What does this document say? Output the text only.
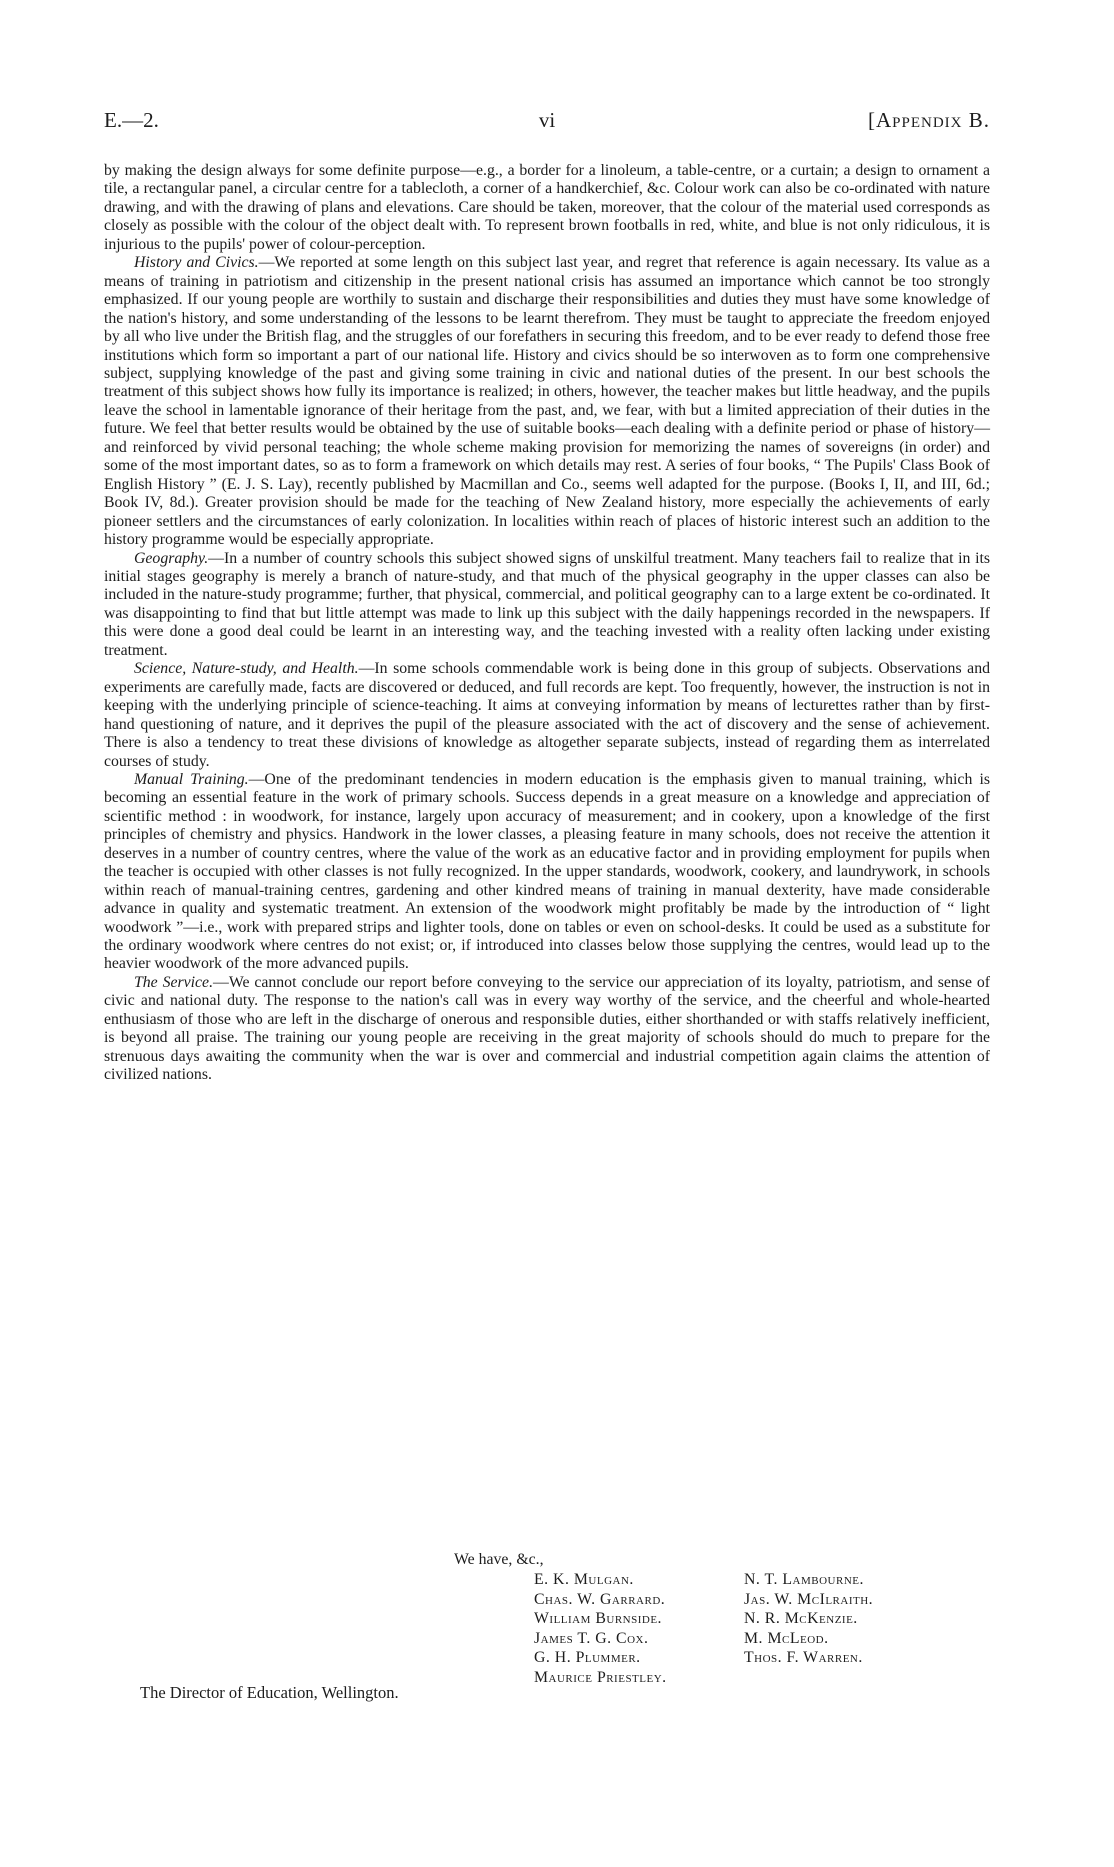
E.—2.	vi	[Appendix B.

by making the design always for some definite purpose—e.g., a border for a linoleum, a table-centre, or a curtain; a design to ornament a tile, a rectangular panel, a circular centre for a tablecloth, a corner of a handkerchief, &c. Colour work can also be co-ordinated with nature drawing, and with the drawing of plans and elevations. Care should be taken, moreover, that the colour of the material used corresponds as closely as possible with the colour of the object dealt with. To represent brown footballs in red, white, and blue is not only ridiculous, it is injurious to the pupils' power of colour-perception.

History and Civics.—We reported at some length on this subject last year, and regret that reference is again necessary. Its value as a means of training in patriotism and citizenship in the present national crisis has assumed an importance which cannot be too strongly emphasized. If our young people are worthily to sustain and discharge their responsibilities and duties they must have some knowledge of the nation's history, and some understanding of the lessons to be learnt therefrom. They must be taught to appreciate the freedom enjoyed by all who live under the British flag, and the struggles of our forefathers in securing this freedom, and to be ever ready to defend those free institutions which form so important a part of our national life. History and civics should be so interwoven as to form one comprehensive subject, supplying knowledge of the past and giving some training in civic and national duties of the present. In our best schools the treatment of this subject shows how fully its importance is realized; in others, however, the teacher makes but little headway, and the pupils leave the school in lamentable ignorance of their heritage from the past, and, we fear, with but a limited appreciation of their duties in the future. We feel that better results would be obtained by the use of suitable books—each dealing with a definite period or phase of history—and reinforced by vivid personal teaching; the whole scheme making provision for memorizing the names of sovereigns (in order) and some of the most important dates, so as to form a framework on which details may rest. A series of four books, “ The Pupils' Class Book of English History ” (E. J. S. Lay), recently published by Macmillan and Co., seems well adapted for the purpose. (Books I, II, and III, 6d.; Book IV, 8d.). Greater provision should be made for the teaching of New Zealand history, more especially the achievements of early pioneer settlers and the circumstances of early colonization. In localities within reach of places of historic interest such an addition to the history programme would be especially appropriate.

Geography.—In a number of country schools this subject showed signs of unskilful treatment. Many teachers fail to realize that in its initial stages geography is merely a branch of nature-study, and that much of the physical geography in the upper classes can also be included in the nature-study programme; further, that physical, commercial, and political geography can to a large extent be co-ordinated. It was disappointing to find that but little attempt was made to link up this subject with the daily happenings recorded in the newspapers. If this were done a good deal could be learnt in an interesting way, and the teaching invested with a reality often lacking under existing treatment.

Science, Nature-study, and Health.—In some schools commendable work is being done in this group of subjects. Observations and experiments are carefully made, facts are discovered or deduced, and full records are kept. Too frequently, however, the instruction is not in keeping with the underlying principle of science-teaching. It aims at conveying information by means of lecturettes rather than by first-hand questioning of nature, and it deprives the pupil of the pleasure associated with the act of discovery and the sense of achievement. There is also a tendency to treat these divisions of knowledge as altogether separate subjects, instead of regarding them as interrelated courses of study.

Manual Training.—One of the predominant tendencies in modern education is the emphasis given to manual training, which is becoming an essential feature in the work of primary schools. Success depends in a great measure on a knowledge and appreciation of scientific method : in woodwork, for instance, largely upon accuracy of measurement; and in cookery, upon a knowledge of the first principles of chemistry and physics. Handwork in the lower classes, a pleasing feature in many schools, does not receive the attention it deserves in a number of country centres, where the value of the work as an educative factor and in providing employment for pupils when the teacher is occupied with other classes is not fully recognized. In the upper standards, woodwork, cookery, and laundrywork, in schools within reach of manual-training centres, gardening and other kindred means of training in manual dexterity, have made considerable advance in quality and systematic treatment. An extension of the woodwork might profitably be made by the introduction of “ light woodwork ”—i.e., work with prepared strips and lighter tools, done on tables or even on school-desks. It could be used as a substitute for the ordinary woodwork where centres do not exist; or, if introduced into classes below those supplying the centres, would lead up to the heavier woodwork of the more advanced pupils.

The Service.—We cannot conclude our report before conveying to the service our appreciation of its loyalty, patriotism, and sense of civic and national duty. The response to the nation's call was in every way worthy of the service, and the cheerful and whole-hearted enthusiasm of those who are left in the discharge of onerous and responsible duties, either shorthanded or with staffs relatively inefficient, is beyond all praise. The training our young people are receiving in the great majority of schools should do much to prepare for the strenuous days awaiting the community when the war is over and commercial and industrial competition again claims the attention of civilized nations.

We have, &c.,
E. K. Mulgan.
Chas. W. Garrard.
William Burnside.
James T. G. Cox.
G. H. Plummer.
Maurice Priestley.
N. T. Lambourne.
Jas. W. McIlraith.
N. R. McKenzie.
M. McLeod.
Thos. F. Warren.
The Director of Education, Wellington.
